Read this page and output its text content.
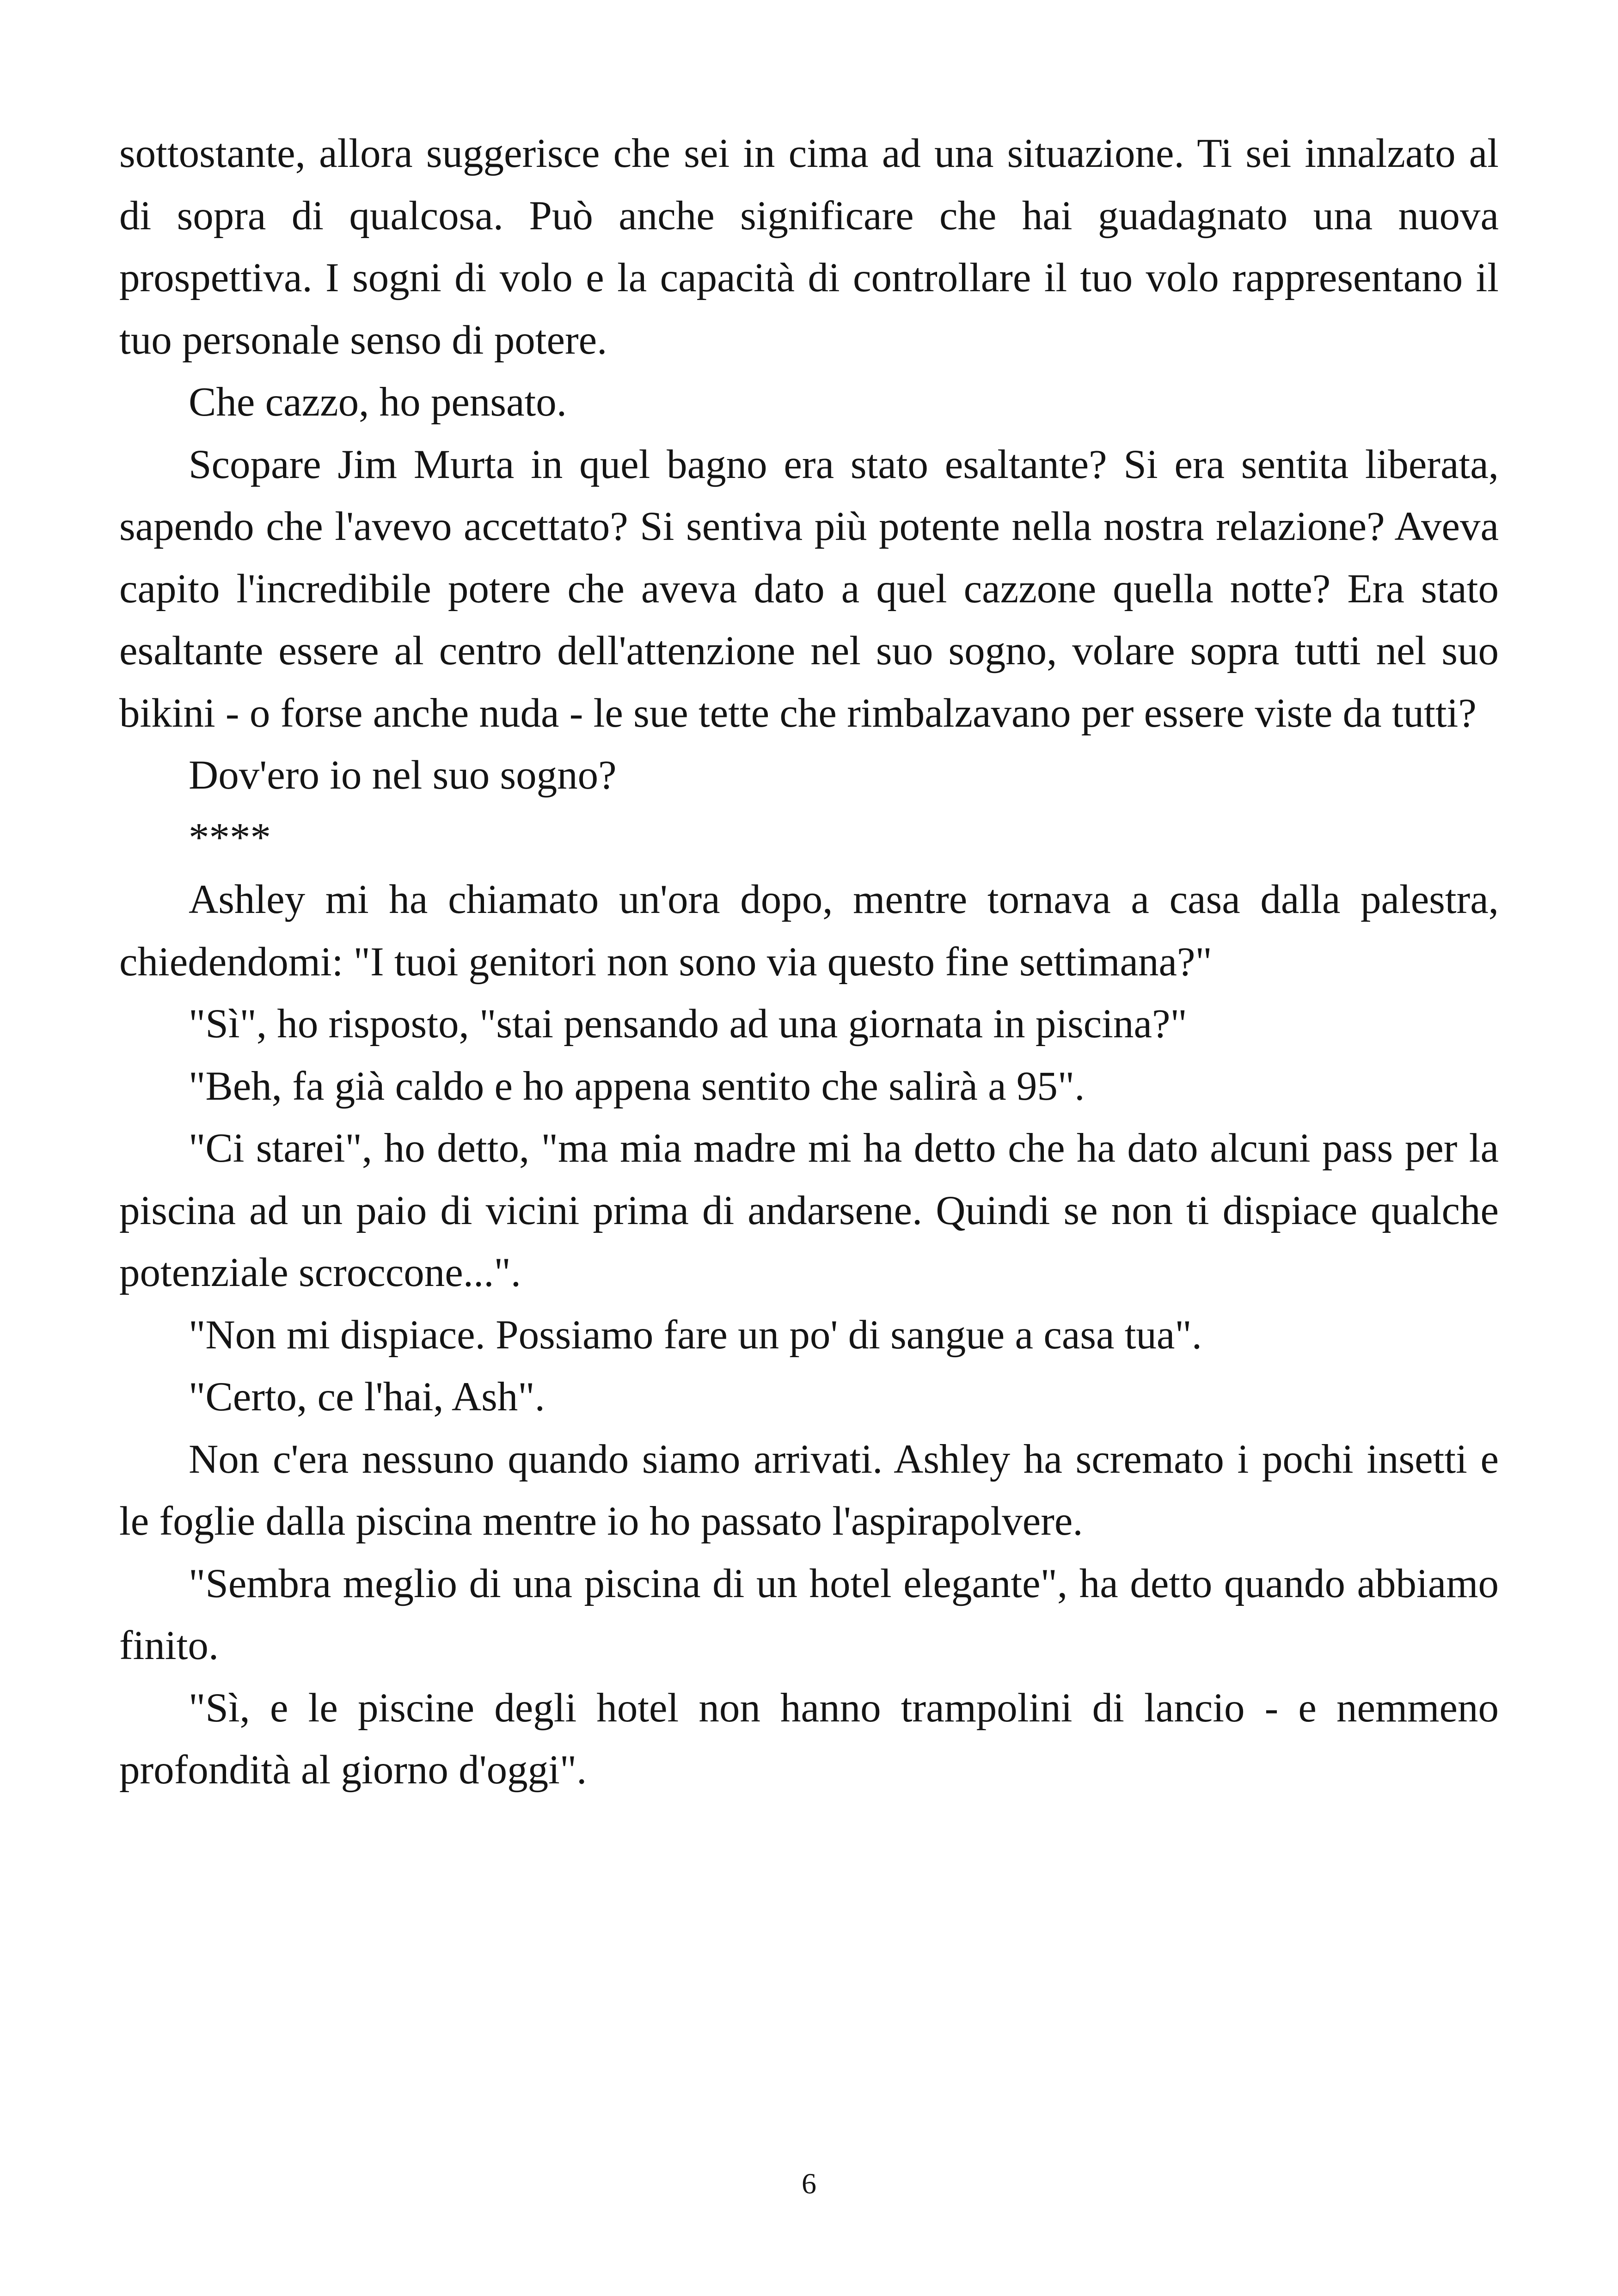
sottostante, allora suggerisce che sei in cima ad una situazione. Ti sei innalzato al di sopra di qualcosa. Può anche significare che hai guadagnato una nuova prospettiva. I sogni di volo e la capacità di controllare il tuo volo rappresentano il tuo personale senso di potere.

Che cazzo, ho pensato.

Scopare Jim Murta in quel bagno era stato esaltante? Si era sentita liberata, sapendo che l'avevo accettato? Si sentiva più potente nella nostra relazione? Aveva capito l'incredibile potere che aveva dato a quel cazzone quella notte? Era stato esaltante essere al centro dell'attenzione nel suo sogno, volare sopra tutti nel suo bikini - o forse anche nuda - le sue tette che rimbalzavano per essere viste da tutti?

Dov'ero io nel suo sogno?

****

Ashley mi ha chiamato un'ora dopo, mentre tornava a casa dalla palestra, chiedendomi: "I tuoi genitori non sono via questo fine settimana?"

"Sì", ho risposto, "stai pensando ad una giornata in piscina?"

"Beh, fa già caldo e ho appena sentito che salirà a 95".

"Ci starei", ho detto, "ma mia madre mi ha detto che ha dato alcuni pass per la piscina ad un paio di vicini prima di andarsene. Quindi se non ti dispiace qualche potenziale scroccone...".

"Non mi dispiace. Possiamo fare un po' di sangue a casa tua".

"Certo, ce l'hai, Ash".

Non c'era nessuno quando siamo arrivati. Ashley ha scremato i pochi insetti e le foglie dalla piscina mentre io ho passato l'aspirapolvere.

"Sembra meglio di una piscina di un hotel elegante", ha detto quando abbiamo finito.

"Sì, e le piscine degli hotel non hanno trampolini di lancio - e nemmeno profondità al giorno d'oggi".

6
